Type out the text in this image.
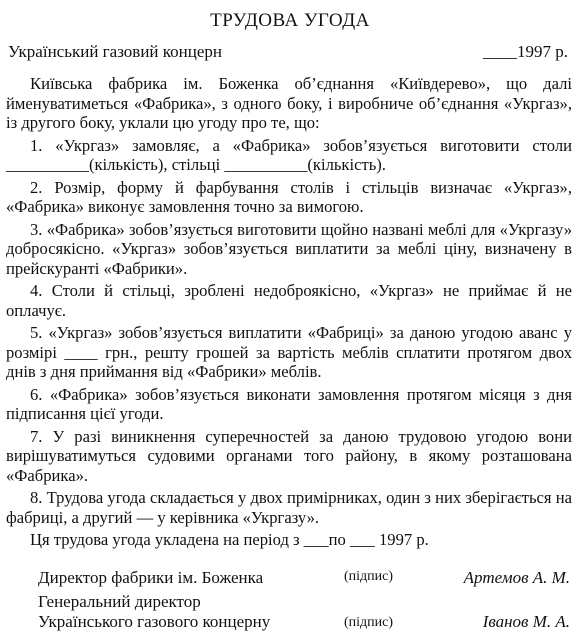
ТРУДОВА УГОДА
Український газовий концерн	____1997 р.

Київська фабрика ім. Боженка об’єднання «Київдерево», що далі йменуватиметься «Фабрика», з одного боку, і виробниче об’єднання «Укргаз», із другого боку, уклали цю угоду про те, що:

1. «Укргаз» замовляє, а «Фабрика» зобов’язується виготовити столи __________(кількість), стільці __________(кількість).

2. Розмір, форму й фарбування столів і стільців визначає «Укргаз», «Фабрика» виконує замовлення точно за вимогою.

3. «Фабрика» зобов’язується виготовити щойно названі меблі для «Укргазу» добросякісно. «Укргаз» зобов’язується виплатити за меблі ціну, визначену в прейскуранті «Фабрики».

4. Столи й стільці, зроблені недоброякісно, «Укргаз» не приймає й не оплачує.

5. «Укргаз» зобов’язується виплатити «Фабриці» за даною угодою аванс у розмірі ____ грн., решту грошей за вартість меблів сплатити протягом двох днів з дня приймання від «Фабрики» меблів.

6. «Фабрика» зобов’язується виконати замовлення протягом місяця з дня підписання цієї угоди.

7. У разі виникнення суперечностей за даною трудовою угодою вони вирішуватимуться судовими органами того району, в якому розташована «Фабрика».

8. Трудова угода складається у двох примірниках, один з них зберігається на фабриці, а другий — у керівника «Укргазу».

Ця трудова угода укладена на період з ___по ___ 1997 р.

Директор фабрики ім. Боженка	(підпис)	Артемов А. М.
Генеральний директор
Українського газового концерну	(підпис)	Іванов М. А.
